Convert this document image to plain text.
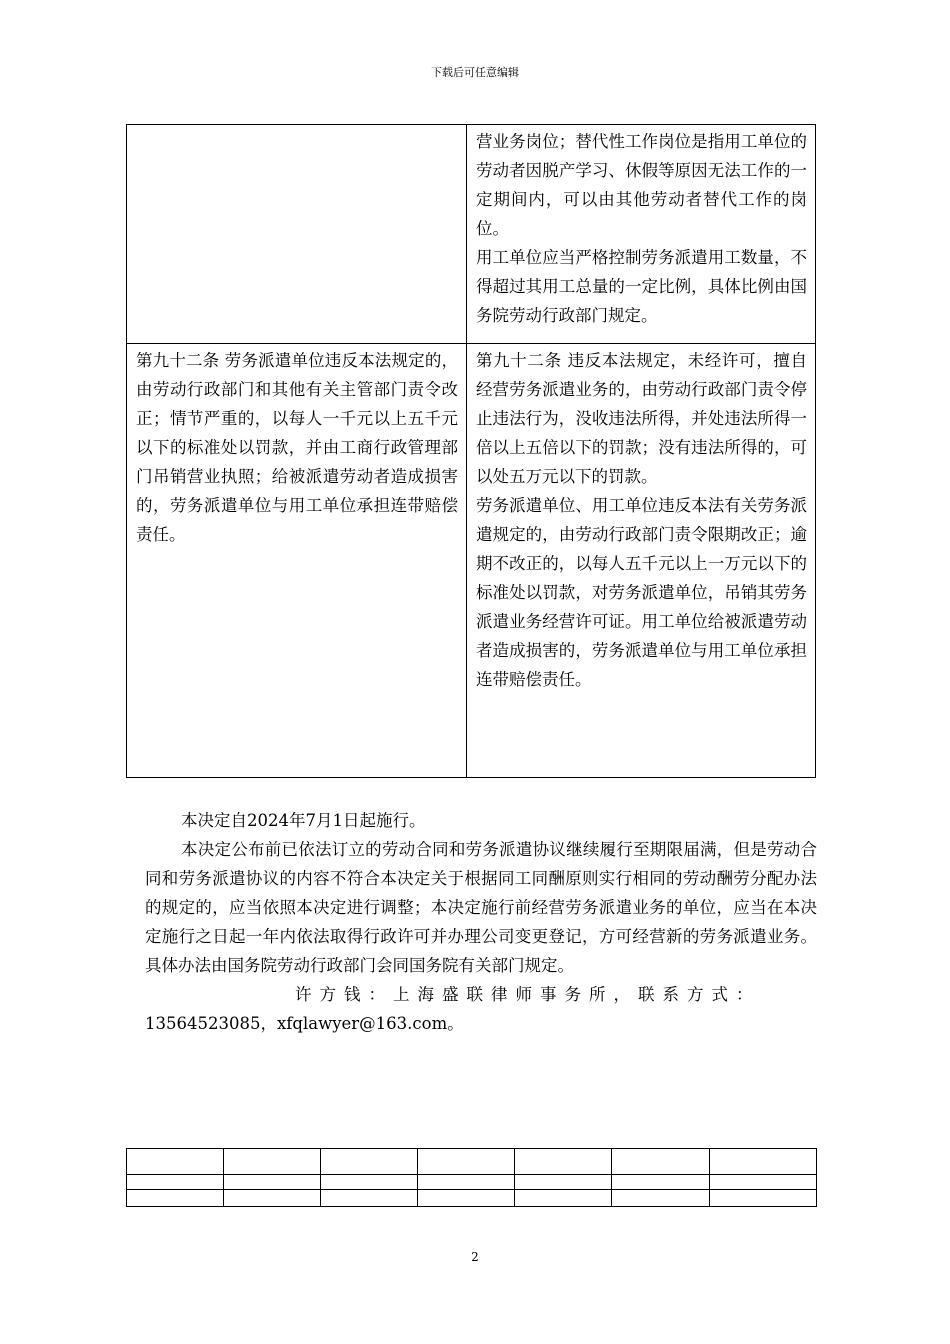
下载后可任意编辑

	营业务岗位；替代性工作岗位是指用工单位的劳动者因脱产学习、休假等原因无法工作的一定期间内，可以由其他劳动者替代工作的岗位。

用工单位应当严格控制劳务派遣用工数量，不得超过其用工总量的一定比例，具体比例由国务院劳动行政部门规定。

第九十二条 劳务派遣单位违反本法规定的，由劳动行政部门和其他有关主管部门责令改正；情节严重的，以每人一千元以上五千元以下的标准处以罚款，并由工商行政管理部门吊销营业执照；给被派遣劳动者造成损害的，劳务派遣单位与用工单位承担连带赔偿责任。	第九十二条 违反本法规定，未经许可，擅自经营劳务派遣业务的，由劳动行政部门责令停止违法行为，没收违法所得，并处违法所得一倍以上五倍以下的罚款；没有违法所得的，可以处五万元以下的罚款。

劳务派遣单位、用工单位违反本法有关劳务派遣规定的，由劳动行政部门责令限期改正；逾期不改正的，以每人五千元以上一万元以下的标准处以罚款，对劳务派遣单位，吊销其劳务派遣业务经营许可证。用工单位给被派遣劳动者造成损害的，劳务派遣单位与用工单位承担连带赔偿责任。

本决定自2024年7月1日起施行。

本决定公布前已依法订立的劳动合同和劳务派遣协议继续履行至期限届满，但是劳动合同和劳务派遣协议的内容不符合本决定关于根据同工同酬原则实行相同的劳动酬劳分配办法的规定的，应当依照本决定进行调整；本决定施行前经营劳务派遣业务的单位，应当在本决定施行之日起一年内依法取得行政许可并办理公司变更登记，方可经营新的劳务派遣业务。具体办法由国务院劳动行政部门会同国务院有关部门规定。

许方钱：上海盛联律师事务所，联系方式：
13564523085，xfqlawyer@163.com。

2
